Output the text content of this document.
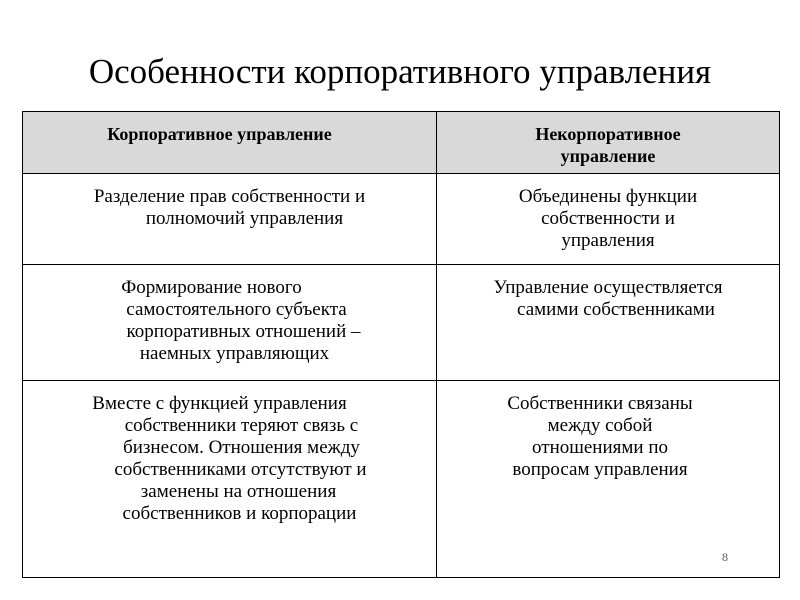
Особенности корпоративного управления
Корпоративное управление	Некорпоративное
управление
Разделение прав собственности и
полномочий управления
Объединены функции
собственности и
управления
Формирование нового
самостоятельного субъекта
корпоративных отношений –
наемных управляющих
Управление осуществляется
самими собственниками
Вместе с функцией управления
собственники теряют связь с
бизнесом. Отношения между
собственниками отсутствуют и
заменены на отношения
собственников и корпорации
Собственники связаны
между собой
отношениями по
вопросам управления
8
